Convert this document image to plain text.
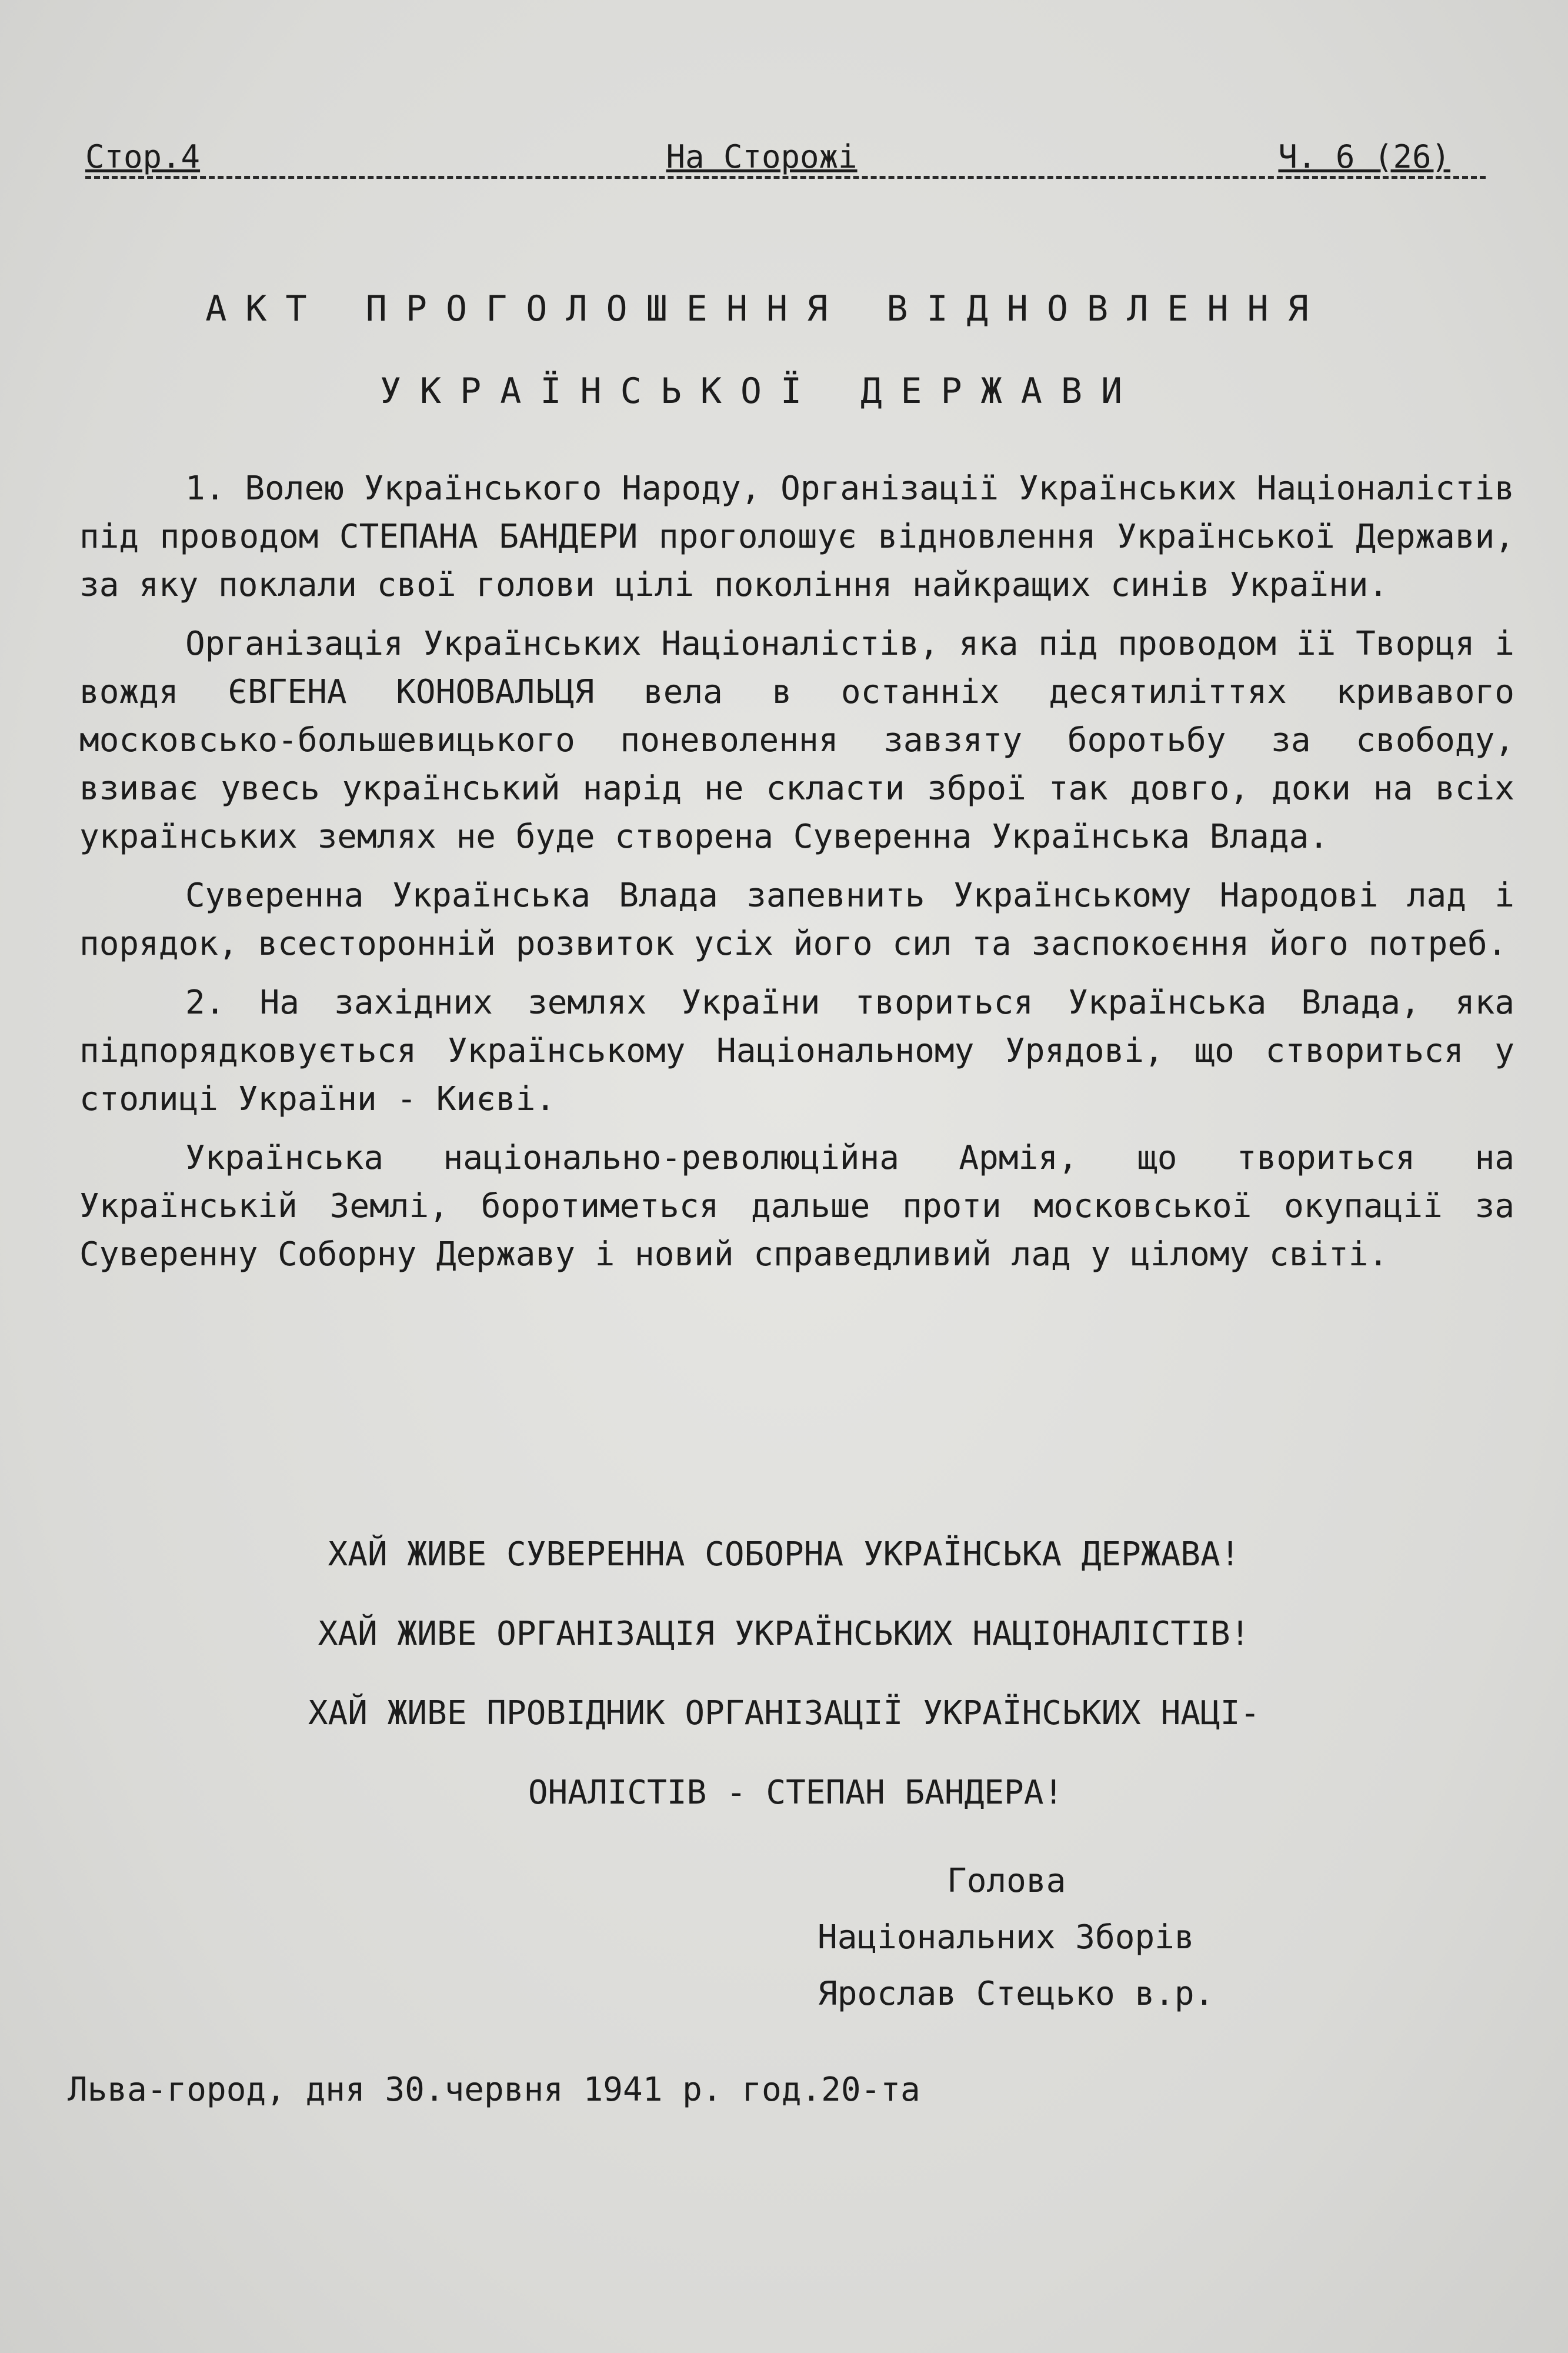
Стор.4	На Сторожі	Ч. 6 (26)
АКТ ПРОГОЛОШЕННЯ ВІДНОВЛЕННЯ
УКРАЇНСЬКОЇ ДЕРЖАВИ

1. Волею Українського Народу, Організації Українських Націоналістів під проводом СТЕПАНА БАНДЕРИ проголошує відновлення Української Держави, за яку поклали свої голови цілі покоління найкращих синів України.

Організація Українських Націоналістів, яка під проводом її Творця і вождя ЄВГЕНА КОНОВАЛЬЦЯ вела в останніх десятиліттях кривавого московсько-большевицького поневолення завзяту боротьбу за свободу, взиває увесь український нарід не скласти зброї так довго, доки на всіх українських землях не буде створена Суверенна Українська Влада.

Суверенна Українська Влада запевнить Українському Народові лад і порядок, всесторонній розвиток усіх його сил та заспокоєння його потреб.

2. На західних землях України твориться Українська Влада, яка підпорядковується Українському Національному Урядові, що створиться у столиці України - Києві.

Українська національно-революційна Армія, що твориться на Українській Землі, боротиметься дальше проти московської окупації за Суверенну Соборну Державу і новий справедливий лад у цілому світі.

ХАЙ ЖИВЕ СУВЕРЕННА СОБОРНА УКРАЇНСЬКА ДЕРЖАВА!
ХАЙ ЖИВЕ ОРГАНІЗАЦІЯ УКРАЇНСЬКИХ НАЦІОНАЛІСТІВ!
ХАЙ ЖИВЕ ПРОВІДНИК ОРГАНІЗАЦІЇ УКРАЇНСЬКИХ НАЦІ-
ОНАЛІСТІВ - СТЕПАН БАНДЕРА!
Голова
Національних Зборів
Ярослав Стецько в.р.
Льва-город, дня 30.червня 1941 р. год.20-та
